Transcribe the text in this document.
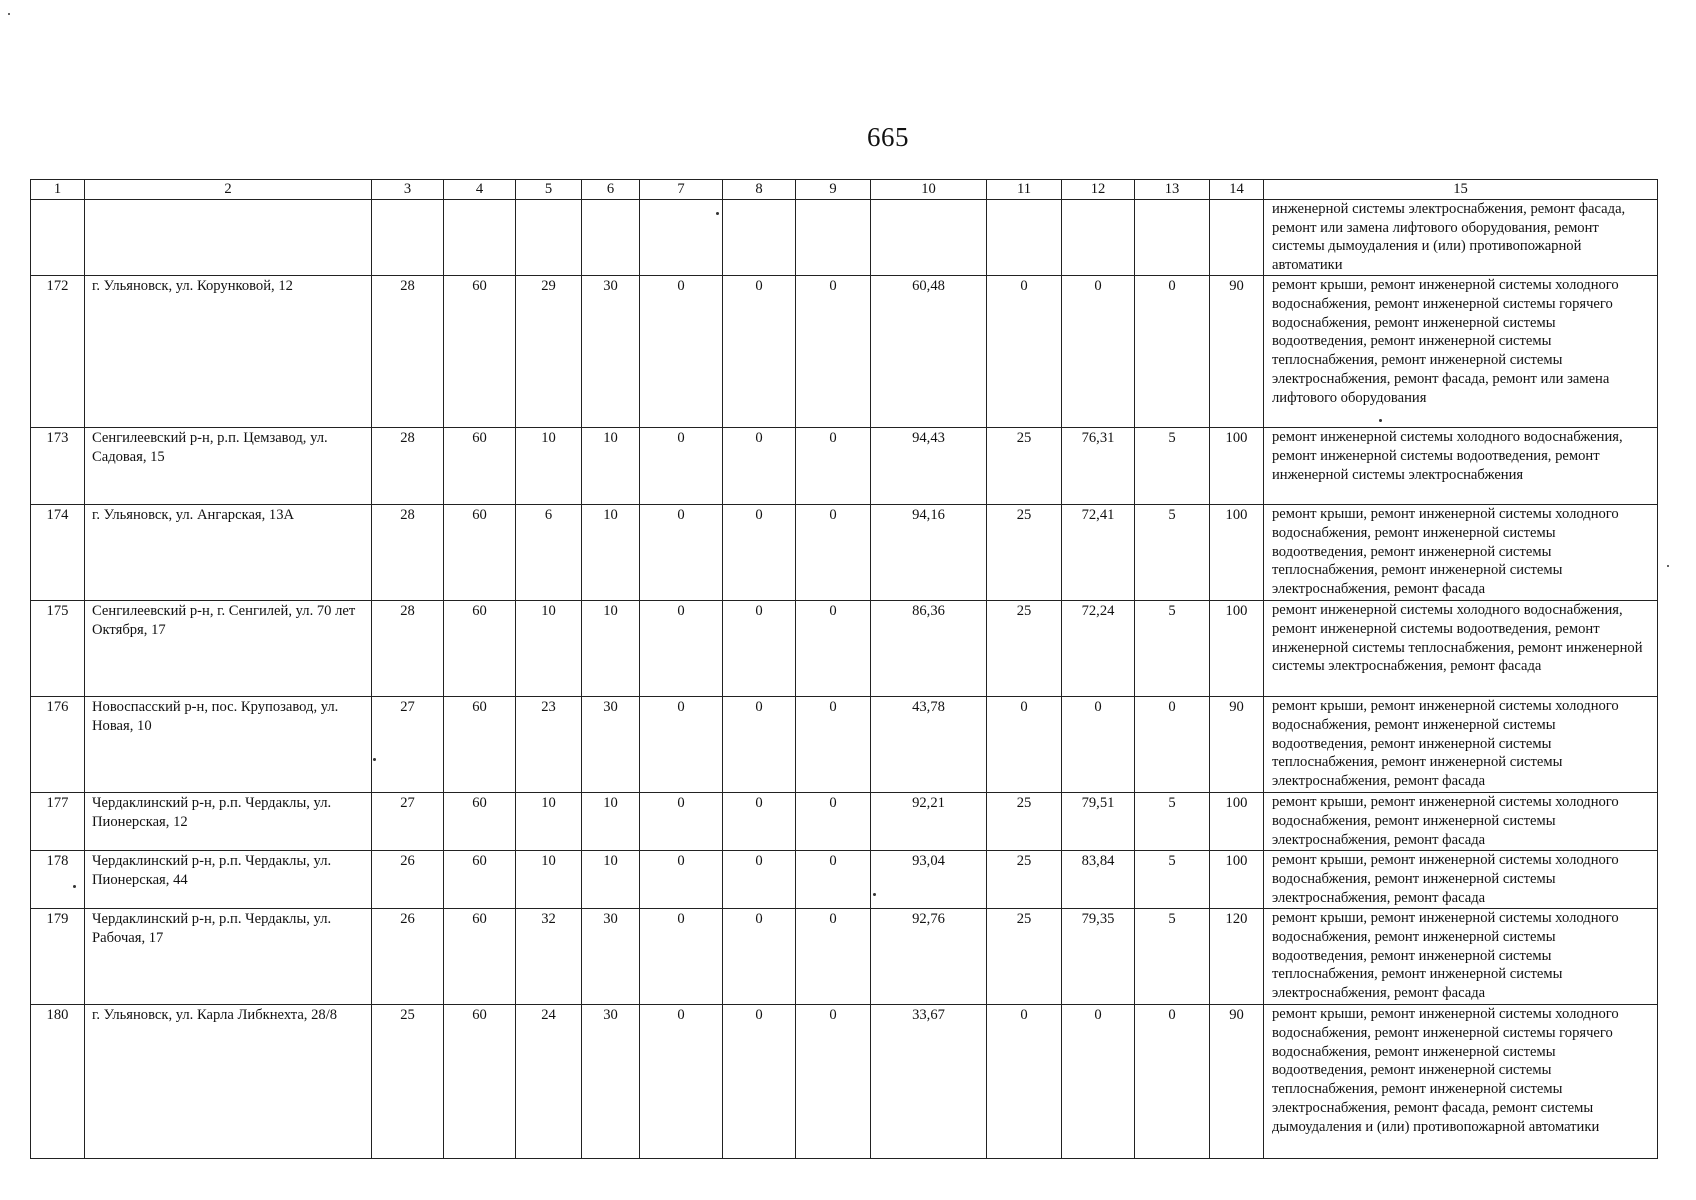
665
1	2	3	4	5	6	7	8	9	10	11	12	13	14	15
														инженерной системы электроснабжения, ремонт фасада, ремонт или замена лифтового оборудования, ремонт системы дымоудаления и (или) противопожарной автоматики
172	г. Ульяновск, ул. Корунковой, 12	28	60	29	30	0	0	0	60,48	0	0	0	90	ремонт крыши, ремонт инженерной системы холодного водоснабжения, ремонт инженерной системы горячего водоснабжения, ремонт инженерной системы водоотведения, ремонт инженерной системы теплоснабжения, ремонт инженерной системы электроснабжения, ремонт фасада, ремонт или замена лифтового оборудования
173	Сенгилеевский р-н, р.п. Цемзавод, ул. Садовая, 15	28	60	10	10	0	0	0	94,43	25	76,31	5	100	ремонт инженерной системы холодного водоснабжения, ремонт инженерной системы водоотведения, ремонт инженерной системы электроснабжения
174	г. Ульяновск, ул. Ангарская, 13А	28	60	6	10	0	0	0	94,16	25	72,41	5	100	ремонт крыши, ремонт инженерной системы холодного водоснабжения, ремонт инженерной системы водоотведения, ремонт инженерной системы теплоснабжения, ремонт инженерной системы электроснабжения, ремонт фасада
175	Сенгилеевский р-н, г. Сенгилей, ул. 70 лет Октября, 17	28	60	10	10	0	0	0	86,36	25	72,24	5	100	ремонт инженерной системы холодного водоснабжения, ремонт инженерной системы водоотведения, ремонт инженерной системы теплоснабжения, ремонт инженерной системы электроснабжения, ремонт фасада
176	Новоспасский р-н, пос. Крупозавод, ул. Новая, 10	27	60	23	30	0	0	0	43,78	0	0	0	90	ремонт крыши, ремонт инженерной системы холодного водоснабжения, ремонт инженерной системы водоотведения, ремонт инженерной системы теплоснабжения, ремонт инженерной системы электроснабжения, ремонт фасада
177	Чердаклинский р-н, р.п. Чердаклы, ул. Пионерская, 12	27	60	10	10	0	0	0	92,21	25	79,51	5	100	ремонт крыши, ремонт инженерной системы холодного водоснабжения, ремонт инженерной системы электроснабжения, ремонт фасада
178	Чердаклинский р-н, р.п. Чердаклы, ул. Пионерская, 44	26	60	10	10	0	0	0	93,04	25	83,84	5	100	ремонт крыши, ремонт инженерной системы холодного водоснабжения, ремонт инженерной системы электроснабжения, ремонт фасада
179	Чердаклинский р-н, р.п. Чердаклы, ул. Рабочая, 17	26	60	32	30	0	0	0	92,76	25	79,35	5	120	ремонт крыши, ремонт инженерной системы холодного водоснабжения, ремонт инженерной системы водоотведения, ремонт инженерной системы теплоснабжения, ремонт инженерной системы электроснабжения, ремонт фасада
180	г. Ульяновск, ул. Карла Либкнехта, 28/8	25	60	24	30	0	0	0	33,67	0	0	0	90	ремонт крыши, ремонт инженерной системы холодного водоснабжения, ремонт инженерной системы горячего водоснабжения, ремонт инженерной системы водоотведения, ремонт инженерной системы теплоснабжения, ремонт инженерной системы электроснабжения, ремонт фасада, ремонт системы дымоудаления и (или) противопожарной автоматики
